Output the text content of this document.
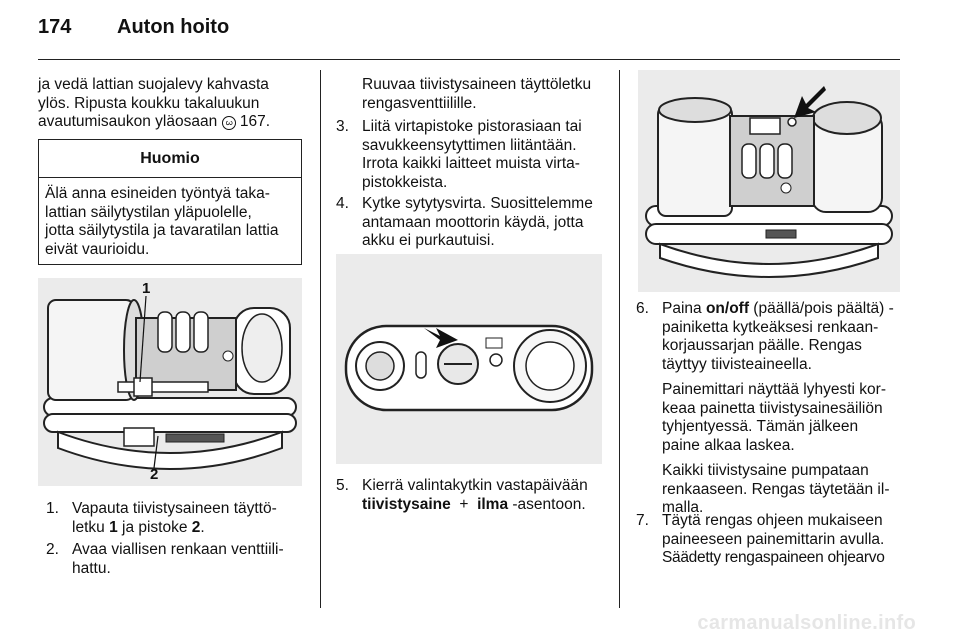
174 Auton hoito
ja vedä lattian suojalevy kahvasta
ylös. Ripusta koukku takaluukun
avautumisaukon yläosaan 3 167.
Huomio
Älä anna esineiden työntyä taka-
lattian säilytystilan yläpuolelle,
jotta säilytystila ja tavaratilan lattia
eivät vaurioidu.
1
2
1. Vapauta tiivistysaineen täyttö-
letku 1 ja pistoke 2.
2. Avaa viallisen renkaan venttiili-
hattu.
Ruuvaa tiivistysaineen täyttöletku
rengasventtiilille.
3. Liitä virtapistoke pistorasiaan tai
savukkeensytyttimen liitäntään.
Irrota kaikki laitteet muista virta-
pistokkeista.
4. Kytke sytytysvirta. Suosittelemme
antamaan moottorin käydä, jotta
akku ei purkautuisi.
5. Kierrä valintakytkin vastapäivään
tiivistysaine + ilma -asentoon.
6. Paina on/off (päällä/pois päältä) -
painiketta kytkeäksesi renkaan-
korjaussarjan päälle. Rengas
täyttyy tiivisteaineella.
Painemittari näyttää lyhyesti kor-
keaa painetta tiivistysainesäiliön
tyhjentyessä. Tämän jälkeen
paine alkaa laskea.
Kaikki tiivistysaine pumpataan
renkaaseen. Rengas täytetään il-
malla.
7. Täytä rengas ohjeen mukaiseen
paineeseen painemittarin avulla.
Säädetty rengaspaineen ohjearvo
carmanualsonline.info
